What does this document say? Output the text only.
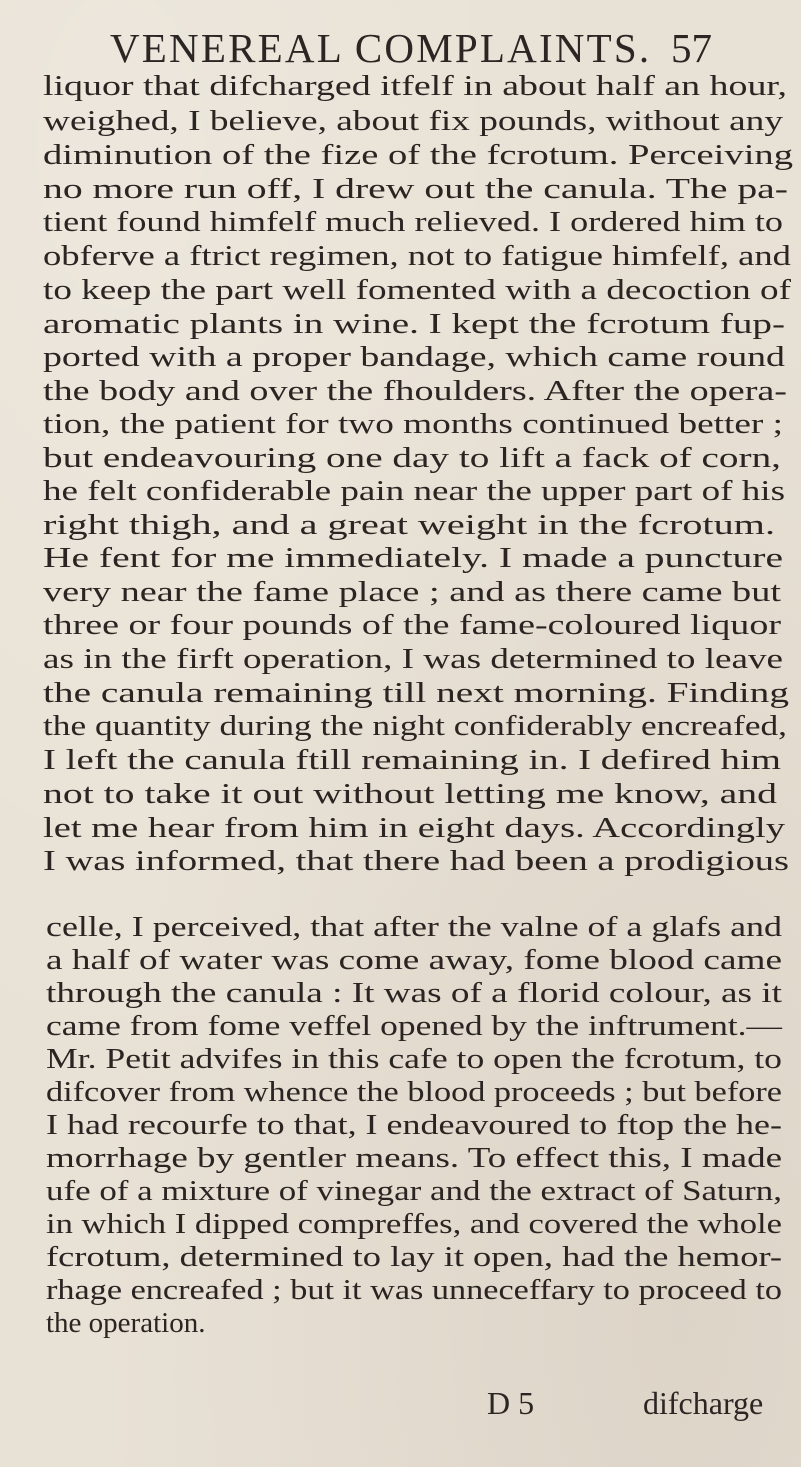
VENEREAL COMPLAINTS. 57
liquor that difcharged itfelf in about half an hour,
weighed, I believe, about fix pounds, without any
diminution of the fize of the fcrotum. Perceiving
no more run off, I drew out the canula. The pa-
tient found himfelf much relieved. I ordered him to
obferve a ftrict regimen, not to fatigue himfelf, and
to keep the part well fomented with a decoction of
aromatic plants in wine. I kept the fcrotum fup-
ported with a proper bandage, which came round
the body and over the fhoulders. After the opera-
tion, the patient for two months continued better ;
but endeavouring one day to lift a fack of corn,
he felt confiderable pain near the upper part of his
right thigh, and a great weight in the fcrotum.
He fent for me immediately. I made a puncture
very near the fame place ; and as there came but
three or four pounds of the fame-coloured liquor
as in the firft operation, I was determined to leave
the canula remaining till next morning. Finding
the quantity during the night confiderably encreafed,
I left the canula ftill remaining in. I defired him
not to take it out without letting me know, and
let me hear from him in eight days. Accordingly
I was informed, that there had been a prodigious
celle, I perceived, that after the valne of a glafs and
a half of water was come away, fome blood came
through the canula : It was of a florid colour, as it
came from fome veffel opened by the inftrument.—
Mr. Petit advifes in this cafe to open the fcrotum, to
difcover from whence the blood proceeds ; but before
I had recourfe to that, I endeavoured to ftop the he-
morrhage by gentler means. To effect this, I made
ufe of a mixture of vinegar and the extract of Saturn,
in which I dipped compreffes, and covered the whole
fcrotum, determined to lay it open, had the hemor-
rhage encreafed ; but it was unneceffary to proceed to
the operation.
D 5	difcharge
